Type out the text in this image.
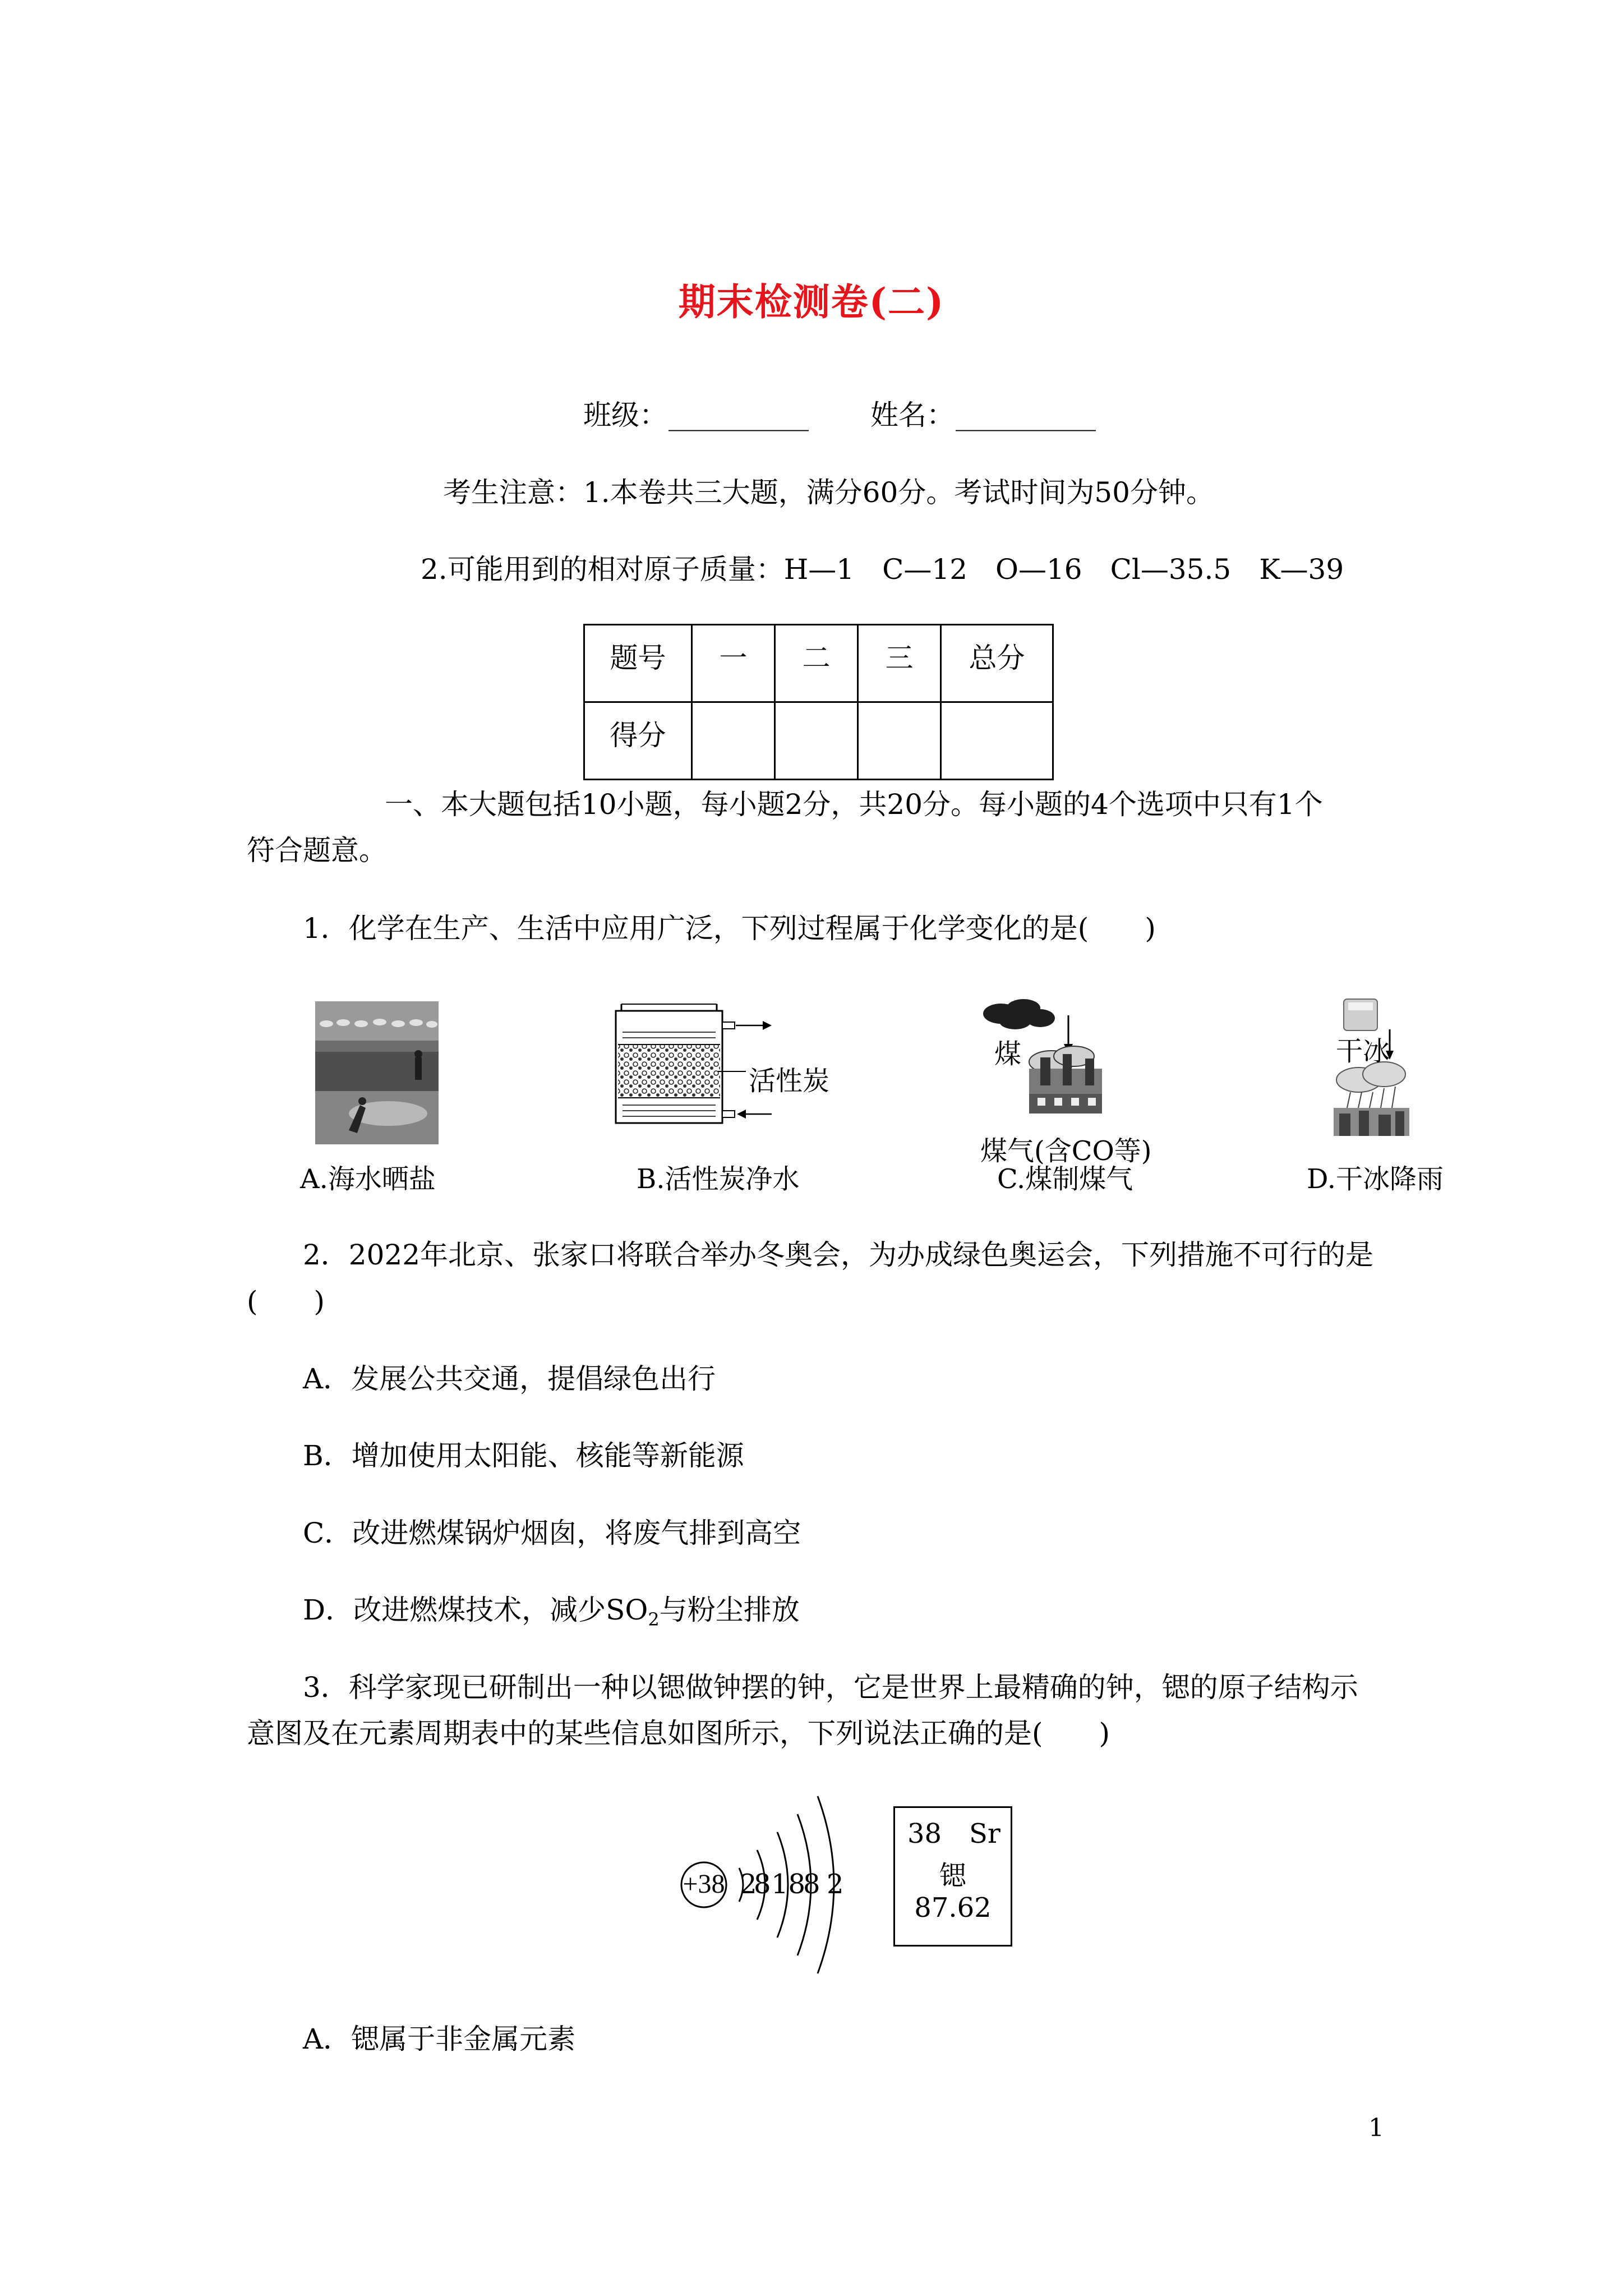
期末检测卷(二)
班级： __________ 姓名： __________
考生注意：1.本卷共三大题，满分60分。考试时间为50分钟。
2.可能用到的相对原子质量：H—1　C—12　O—16　Cl—35.5　K—39
题号	一	二	三	总分
得分				
一、本大题包括10小题，每小题2分，共20分。每小题的4个选项中只有1个
符合题意。
1．化学在生产、生活中应用广泛，下列过程属于化学变化的是(　　)
A.海水晒盐
活性炭
B.活性炭净水
煤
煤气(含CO等)
C.煤制煤气
干冰
D.干冰降雨
2．2022年北京、张家口将联合举办冬奥会，为办成绿色奥运会，下列措施不可行的是
(　　)
A．发展公共交通，提倡绿色出行
B．增加使用太阳能、核能等新能源
C．改进燃煤锅炉烟囱，将废气排到高空
D．改进燃煤技术，减少$SO_2$与粉尘排放
3．科学家现已研制出一种以锶做钟摆的钟，它是世界上最精确的钟，锶的原子结构示
意图及在元素周期表中的某些信息如图所示，下列说法正确的是(　　)
+38 2
8 18
8 2
38 Sr
锶
87.62
A．锶属于非金属元素
1
